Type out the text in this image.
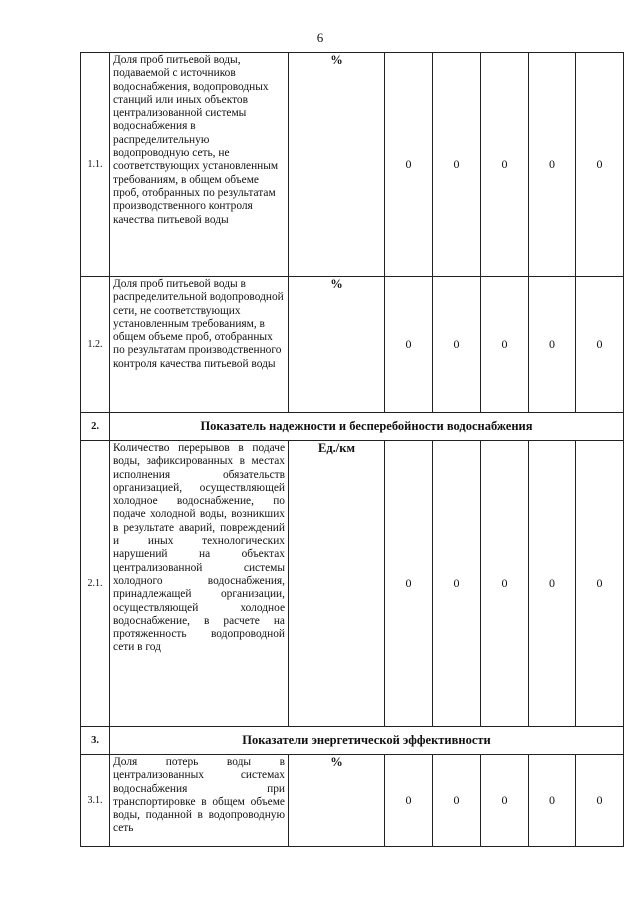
6
1.1.	Доля проб питьевой воды, подаваемой с источников водоснабжения, водопроводных станций или иных объектов централизованной системы водоснабжения в распределительную водопроводную сеть, не соответствующих установленным требованиям, в общем объеме проб, отобранных по результатам производственного контроля качества питьевой воды	%	0	0	0	0	0
1.2.	Доля проб питьевой воды в распределительной водопроводной сети, не соответствующих установленным требованиям, в общем объеме проб, отобранных по результатам производственного контроля качества питьевой воды	%	0	0	0	0	0
2.	Показатель надежности и бесперебойности водоснабжения						
2.1.	Количество перерывов в подаче воды, зафиксированных в местах исполнения обязательств организацией, осуществляющей холодное водоснабжение, по подаче холодной воды, возникших в результате аварий, повреждений и иных технологических нарушений на объектах централизованной системы холодного водоснабжения, принадлежащей организации, осуществляющей холодное водоснабжение, в расчете на протяженность водопроводной сети в год	Ед./км	0	0	0	0	0
3.	Показатели энергетической эффективности						
3.1.	Доля потерь воды в централизованных системах водоснабжения при транспортировке в общем объеме воды, поданной в водопроводную сеть	%	0	0	0	0	0
